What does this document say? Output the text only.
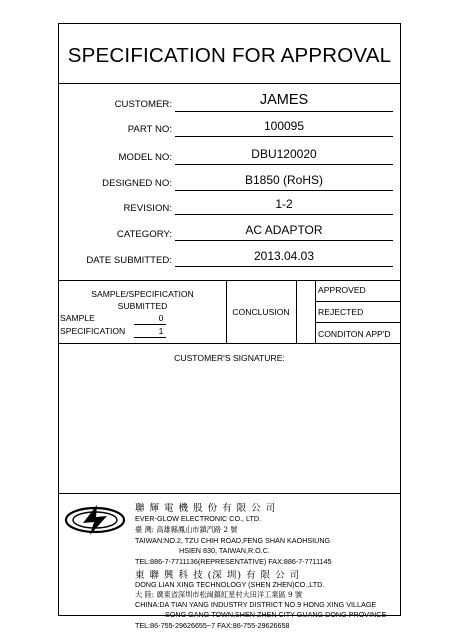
SPECIFICATION FOR APPROVAL
CUSTOMER:	JAMES
PART NO:	100095
MODEL NO:	DBU120020
DESIGNED NO:	B1850 (RoHS)
REVISION:	1-2
CATEGORY:	AC ADAPTOR
DATE SUBMITTED:	2013.04.03
SAMPLE/SPECIFICATION
SUBMITTED
SAMPLE	0
SPECIFICATION	1
CONCLUSION
APPROVED
REJECTED
CONDITON APP'D
CUSTOMER'S SIGNATURE:
聯 輝 電 機 股 份 有 限 公 司
EVER-GLOW ELECTRONIC CO., LTD.
臺 灣: 高雄縣鳳山市鎮汽路 2 號
TAIWAN:NO.2, TZU CHIH ROAD,FENG SHAN KAOHSIUNG
HSIEN 830, TAIWAN,R.O.C.
TEL:886-7-7711136(REPRESENTATIVE) FAX:886-7-7711145
東 聯 興 科 技 (深 圳) 有 限 公 司
DONG LIAN XING TECHNOLOGY (SHEN ZHEN)CO.,LTD.
大 陸: 廣東省深圳市松崗鎮紅星村大田洋工業區 9 號
CHINA:DA TIAN YANG INDUSTRY DISTRICT NO.9 HONG XING VILLAGE
SONG GANG TOWN,SHEN ZHEN CITY GUANG DONG PROVINCE
TEL:86-755-29626655~7 FAX:86-755-29626658
